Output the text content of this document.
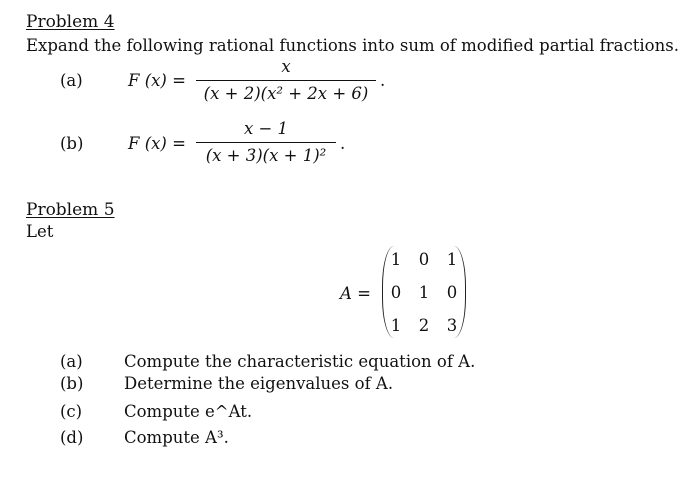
Problem 4
Expand the following rational functions into sum of modified partial fractions.
(a)	F (x) =
x
(x + 2)(x² + 2x + 6)
.
(b)	F (x) =
x − 1
(x + 3)(x + 1)²
.
Problem 5
Let
A =
1	0	1
0	1	0
1	2	3
(a)	Compute the characteristic equation of A.
(b) Determine the eigenvalues of A.
(c)	Compute e^At.
(d) Compute A³.
